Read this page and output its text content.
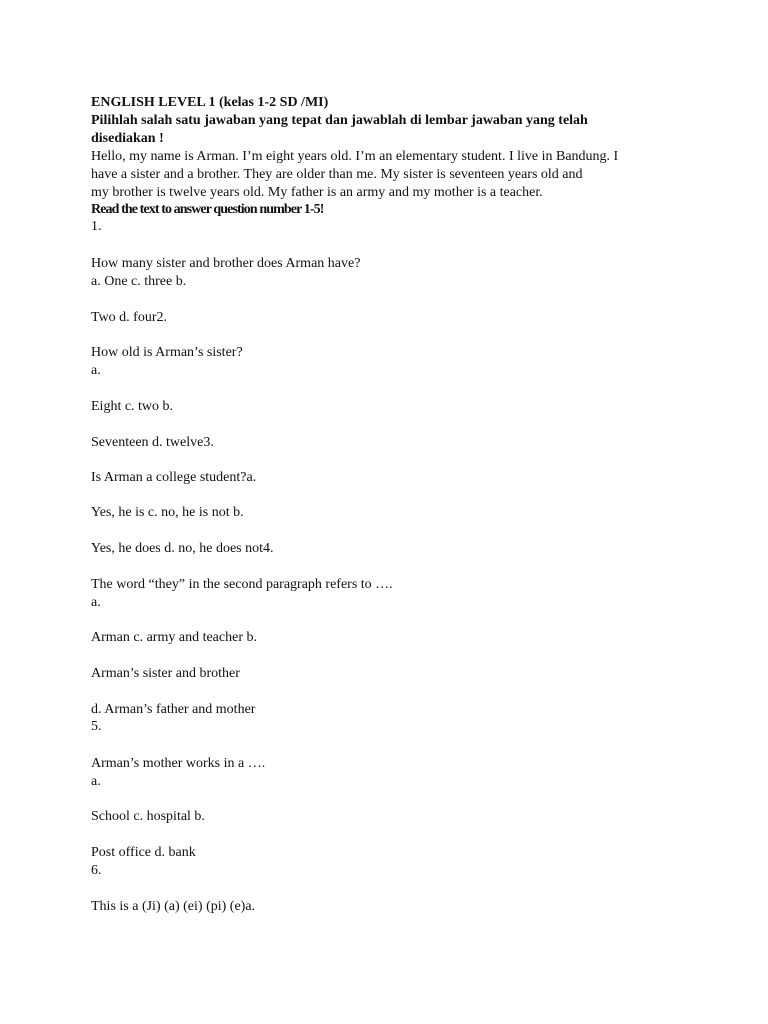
ENGLISH LEVEL 1 (kelas 1-2 SD /MI)
Pilihlah salah satu jawaban yang tepat dan jawablah di lembar jawaban yang telah
disediakan !
Hello, my name is Arman. I’m eight years old. I’m an elementary student. I live in Bandung. I
have a sister and a brother. They are older than me. My sister is seventeen years old and
my brother is twelve years old. My father is an army and my mother is a teacher.
Read the text to answer question number 1-5!
1.
How many sister and brother does Arman have?
a. One c. three b.
Two d. four2.
How old is Arman’s sister?
a.
Eight c. two b.
Seventeen d. twelve3.
Is Arman a college student?a.
Yes, he is c. no, he is not b.
Yes, he does d. no, he does not4.
The word “they” in the second paragraph refers to ….
a.
Arman c. army and teacher b.
Arman’s sister and brother
d. Arman’s father and mother
5.
Arman’s mother works in a ….
a.
School c. hospital b.
Post office d. bank
6.
This is a (Ji) (a) (ei) (pi) (e)a.
